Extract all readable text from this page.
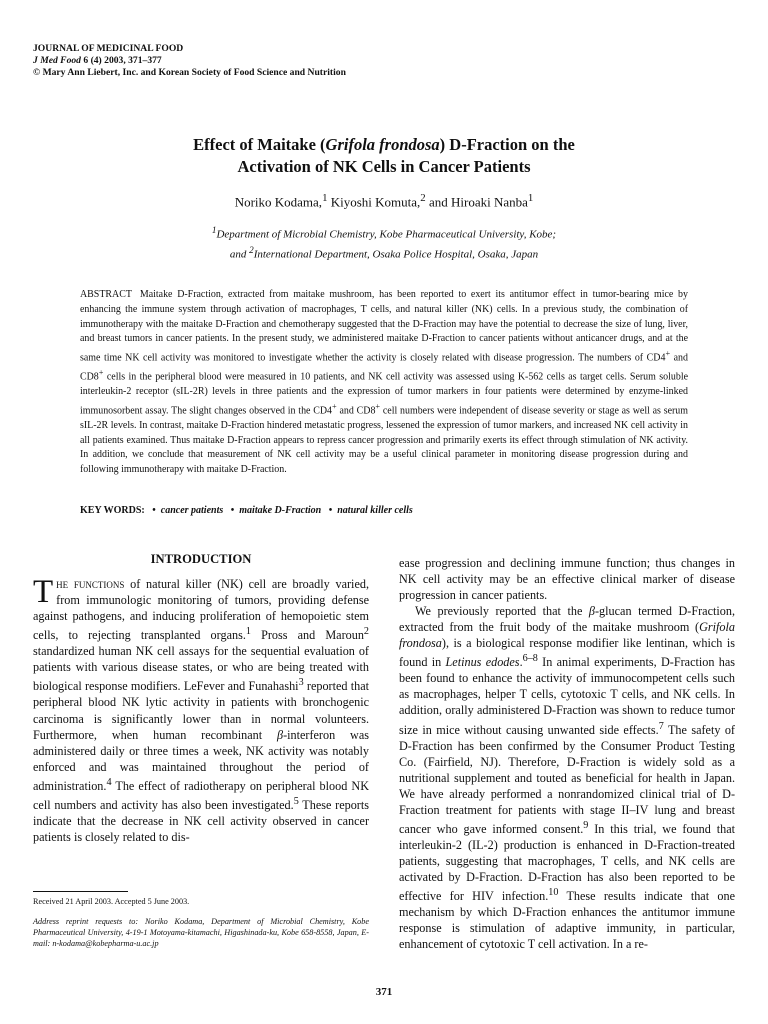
JOURNAL OF MEDICINAL FOOD
J Med Food 6 (4) 2003, 371–377
© Mary Ann Liebert, Inc. and Korean Society of Food Science and Nutrition
Effect of Maitake (Grifola frondosa) D-Fraction on the
Activation of NK Cells in Cancer Patients
Noriko Kodama,$^1$ Kiyoshi Komuta,$^2$ and Hiroaki Nanba$^1$
$^1$Department of Microbial Chemistry, Kobe Pharmaceutical University, Kobe;
and $^2$International Department, Osaka Police Hospital, Osaka, Japan
ABSTRACT Maitake D-Fraction, extracted from maitake mushroom, has been reported to exert its antitumor effect in tumor-bearing mice by enhancing the immune system through activation of macrophages, T cells, and natural killer (NK) cells. In a previous study, the combination of immunotherapy with the maitake D-Fraction and chemotherapy suggested that the D-Fraction may have the potential to decrease the size of lung, liver, and breast tumors in cancer patients. In the present study, we administered maitake D-Fraction to cancer patients without anticancer drugs, and at the same time NK cell activity was monitored to investigate whether the activity is closely related with disease progression. The numbers of CD4+ and CD8+ cells in the peripheral blood were measured in 10 patients, and NK cell activity was assessed using K-562 cells as target cells. Serum soluble interleukin-2 receptor (sIL-2R) levels in three patients and the expression of tumor markers in four patients were determined by enzyme-linked immunosorbent assay. The slight changes observed in the CD4+ and CD8+ cell numbers were independent of disease severity or stage as well as serum sIL-2R levels. In contrast, maitake D-Fraction hindered metastatic progress, lessened the expression of tumor markers, and increased NK cell activity in all patients examined. Thus maitake D-Fraction appears to repress cancer progression and primarily exerts its effect through stimulation of NK activity. In addition, we conclude that measurement of NK cell activity may be a useful clinical parameter in monitoring disease progression during and following immunotherapy with maitake D-Fraction.
KEY WORDS: • cancer patients • maitake D-Fraction • natural killer cells
INTRODUCTION

The functions of natural killer (NK) cell are broadly varied, from immunologic monitoring of tumors, providing defense against pathogens, and inducing proliferation of hemopoietic stem cells, to rejecting transplanted organs.$^1$ Pross and Maroun$^2$ standardized human NK cell assays for the sequential evaluation of patients with various disease states, or who are being treated with biological response modifiers. LeFever and Funahashi$^3$ reported that peripheral blood NK lytic activity in patients with bronchogenic carcinoma is significantly lower than in normal volunteers. Furthermore, when human recombinant β-interferon was administered daily or three times a week, NK activity was notably enforced and was maintained throughout the period of administration.$^4$ The effect of radiotherapy on peripheral blood NK cell numbers and activity has also been investigated.$^5$ These reports indicate that the decrease in NK cell activity observed in cancer patients is closely related to dis-

ease progression and declining immune function; thus changes in NK cell activity may be an effective clinical marker of disease progression in cancer patients.

We previously reported that the β-glucan termed D-Fraction, extracted from the fruit body of the maitake mushroom (Grifola frondosa), is a biological response modifier like lentinan, which is found in Letinus edodes.$^{6-8}$ In animal experiments, D-Fraction has been found to enhance the activity of immunocompetent cells such as macrophages, helper T cells, cytotoxic T cells, and NK cells. In addition, orally administered D-Fraction was shown to reduce tumor size in mice without causing unwanted side effects.$^7$ The safety of D-Fraction has been confirmed by the Consumer Product Testing Co. (Fairfield, NJ). Therefore, D-Fraction is widely sold as a nutritional supplement and touted as beneficial for health in Japan. We have already performed a nonrandomized clinical trial of D-Fraction treatment for patients with stage II–IV lung and breast cancer who gave informed consent.$^9$ In this trial, we found that interleukin-2 (IL-2) production is enhanced in D-Fraction-treated patients, suggesting that macrophages, T cells, and NK cells are activated by D-Fraction. D-Fraction has also been reported to be effective for HIV infection.$^{10}$ These results indicate that one mechanism by which D-Fraction enhances the antitumor immune response is stimulation of adaptive immunity, in particular, enhancement of cytotoxic T cell activation. In a re-

Received 21 April 2003. Accepted 5 June 2003.
Address reprint requests to: Noriko Kodama, Department of Microbial Chemistry, Kobe Pharmaceutical University, 4-19-1 Motoyama-kitamachi, Higashinada-ku, Kobe 658-8558, Japan, E-mail: n-kodama@kobepharma-u.ac.jp
371
